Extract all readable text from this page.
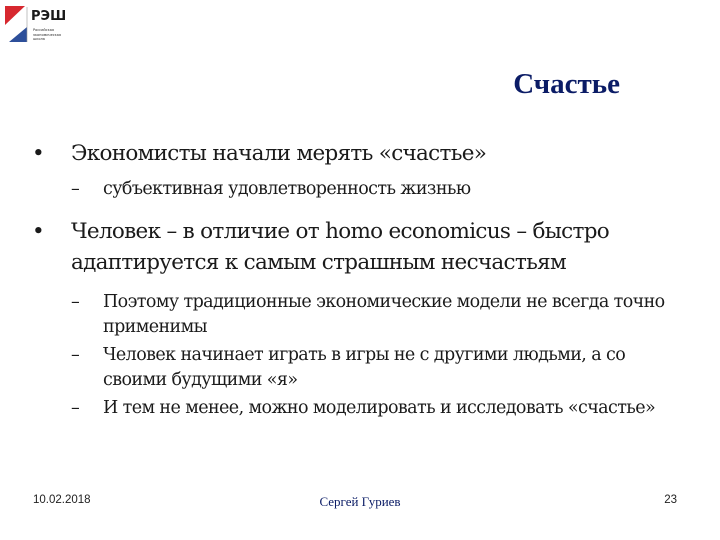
РЭШ
Российская
экономическая
школа
Счастье
• Экономисты начали мерять «счастье»
– субъективная удовлетворенность жизнью
• Человек – в отличие от homo economicus – быстро адаптируется к самым страшным несчастьям
– Поэтому традиционные экономические модели не всегда точно применимы
– Человек начинает играть в игры не с другими людьми, а со своими будущими «я»
– И тем не менее, можно моделировать и исследовать «счастье»
10.02.2018	Сергей Гуриев	23
